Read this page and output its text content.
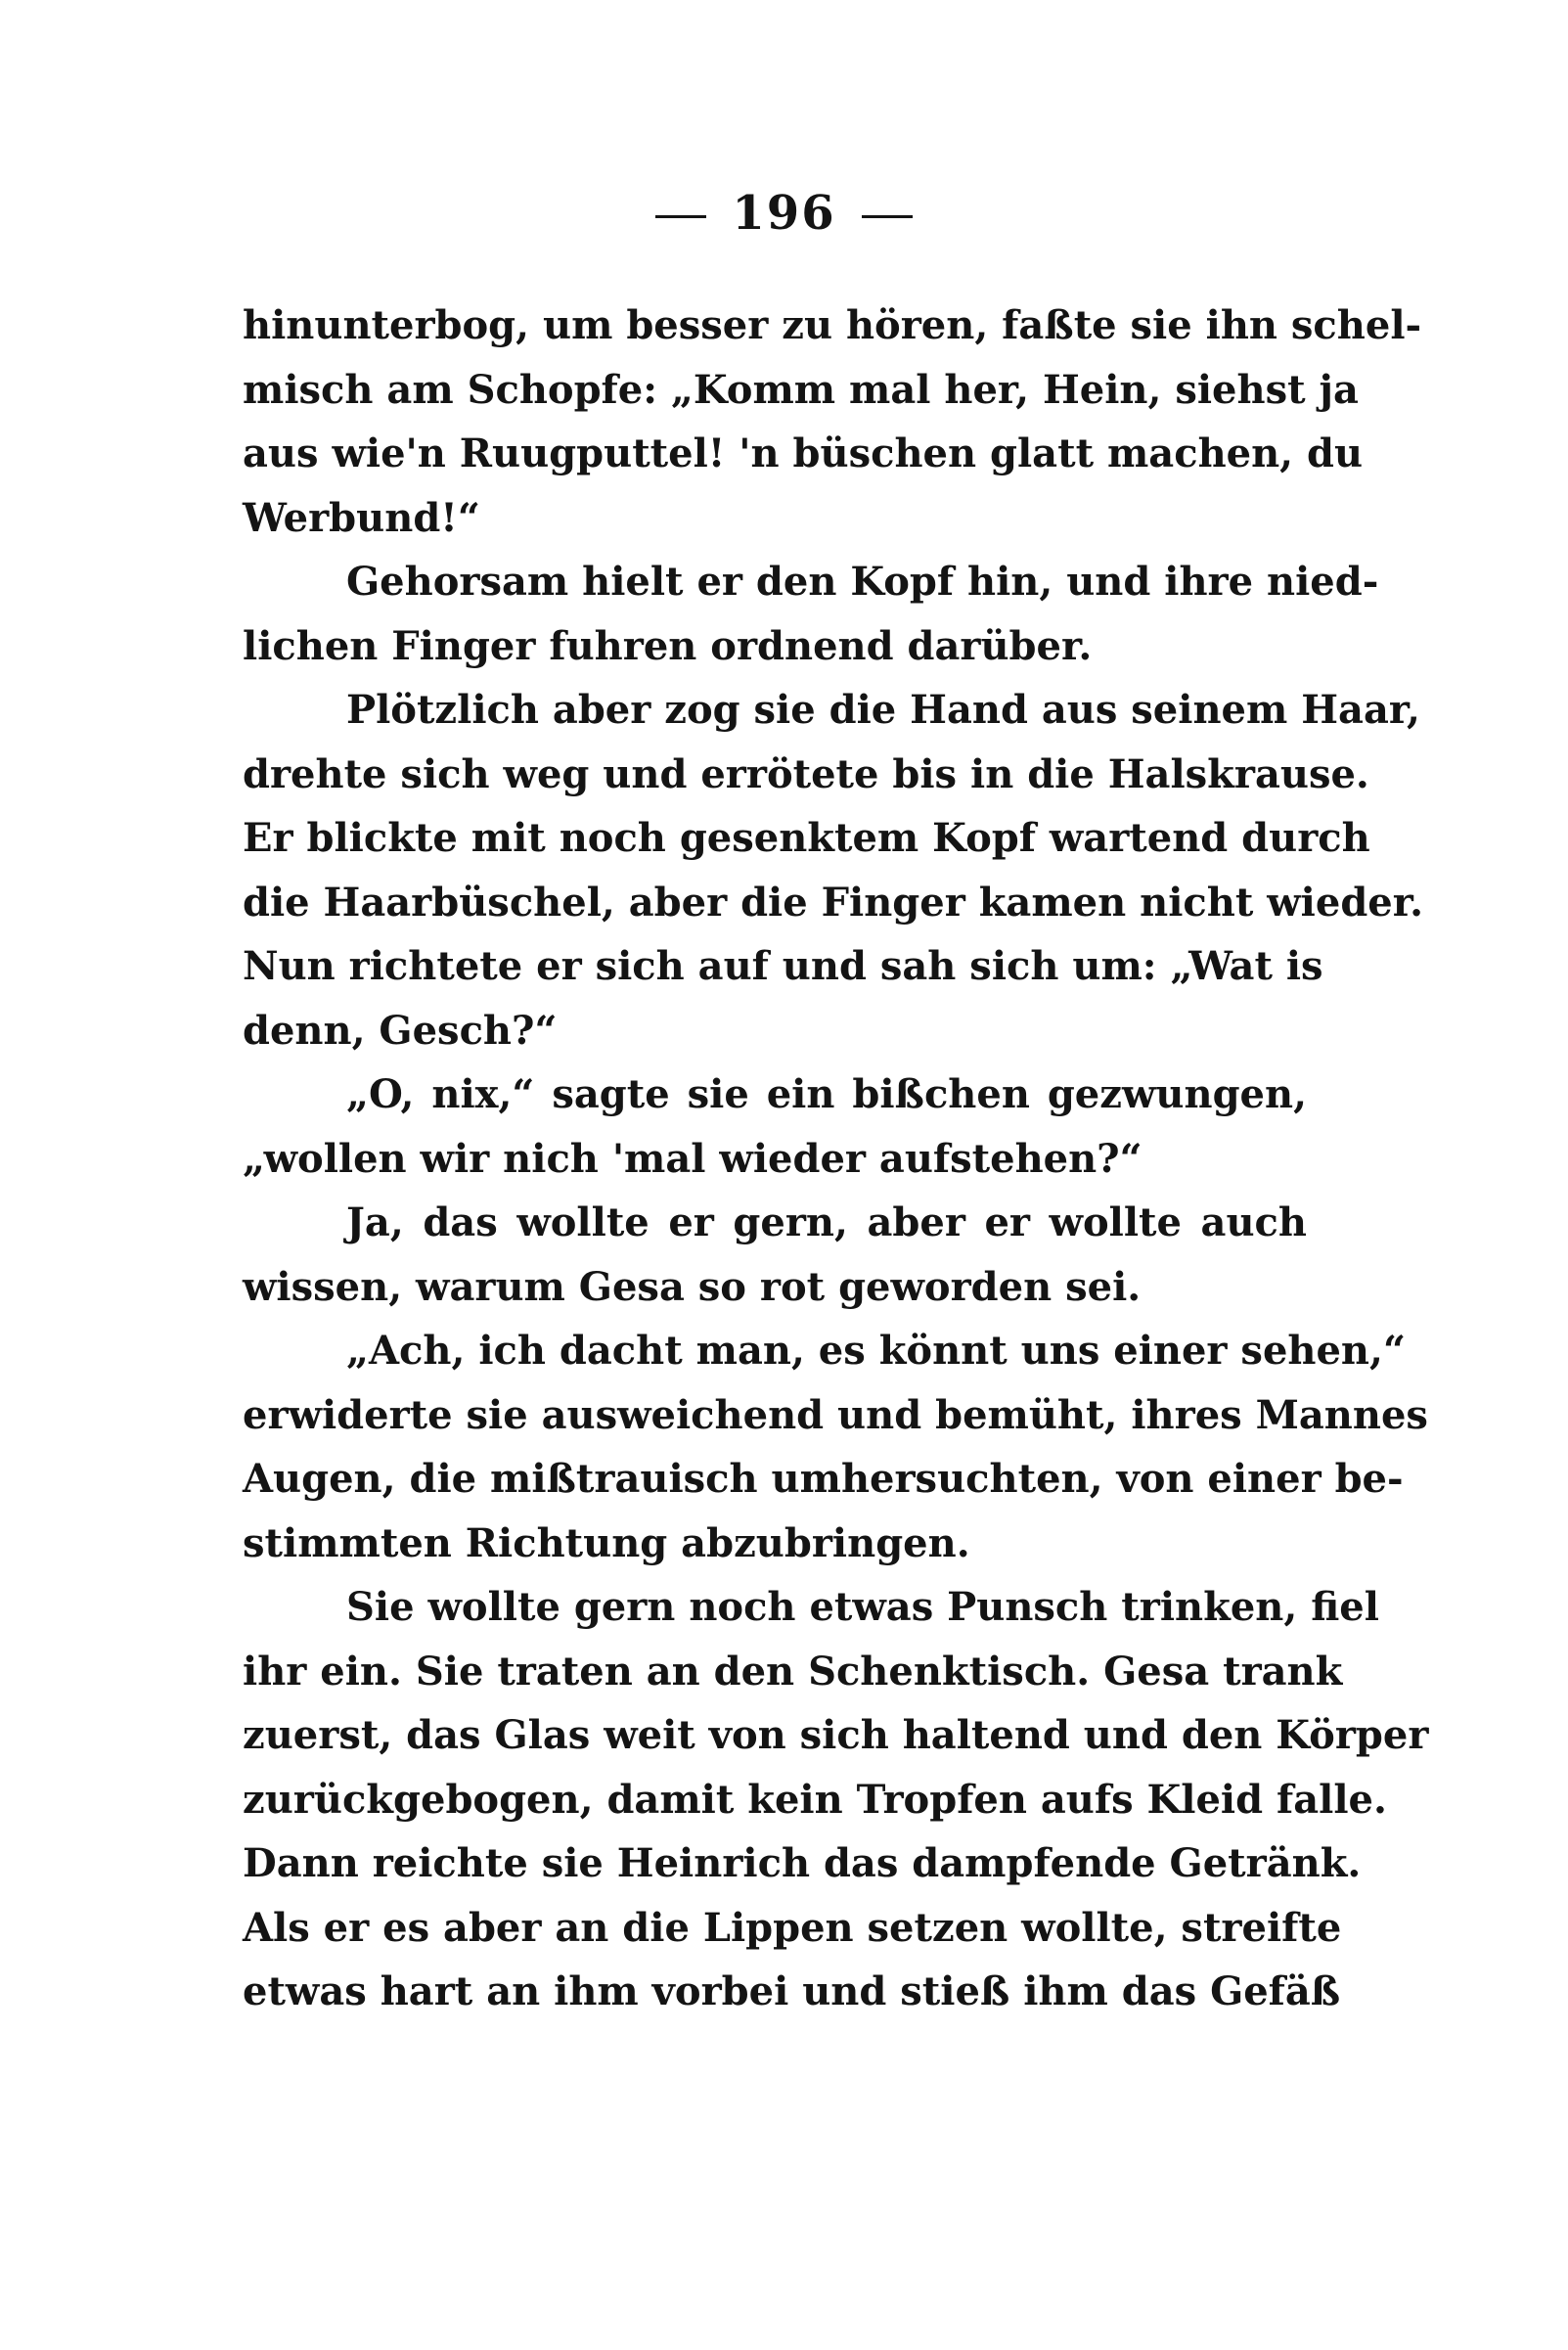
196

hinunterbog, um besser zu hören, faßte sie ihn schel-
misch am Schopfe: „Komm mal her, Hein, siehst ja
aus wie'n Ruugputtel! 'n büschen glatt machen, du
Werbund!“

Gehorsam hielt er den Kopf hin, und ihre nied-
lichen Finger fuhren ordnend darüber.

Plötzlich aber zog sie die Hand aus seinem Haar,
drehte sich weg und errötete bis in die Halskrause.
Er blickte mit noch gesenktem Kopf wartend durch
die Haarbüschel, aber die Finger kamen nicht wieder.
Nun richtete er sich auf und sah sich um: „Wat is
denn, Gesch?“

„O, nix,“ sagte sie ein bißchen gezwungen,
„wollen wir nich 'mal wieder aufstehen?“

Ja, das wollte er gern, aber er wollte auch
wissen, warum Gesa so rot geworden sei.

„Ach, ich dacht man, es könnt uns einer sehen,“
erwiderte sie ausweichend und bemüht, ihres Mannes
Augen, die mißtrauisch umhersuchten, von einer be-
stimmten Richtung abzubringen.

Sie wollte gern noch etwas Punsch trinken, fiel
ihr ein. Sie traten an den Schenktisch. Gesa trank
zuerst, das Glas weit von sich haltend und den Körper
zurückgebogen, damit kein Tropfen aufs Kleid falle.
Dann reichte sie Heinrich das dampfende Getränk.
Als er es aber an die Lippen setzen wollte, streifte
etwas hart an ihm vorbei und stieß ihm das Gefäß
